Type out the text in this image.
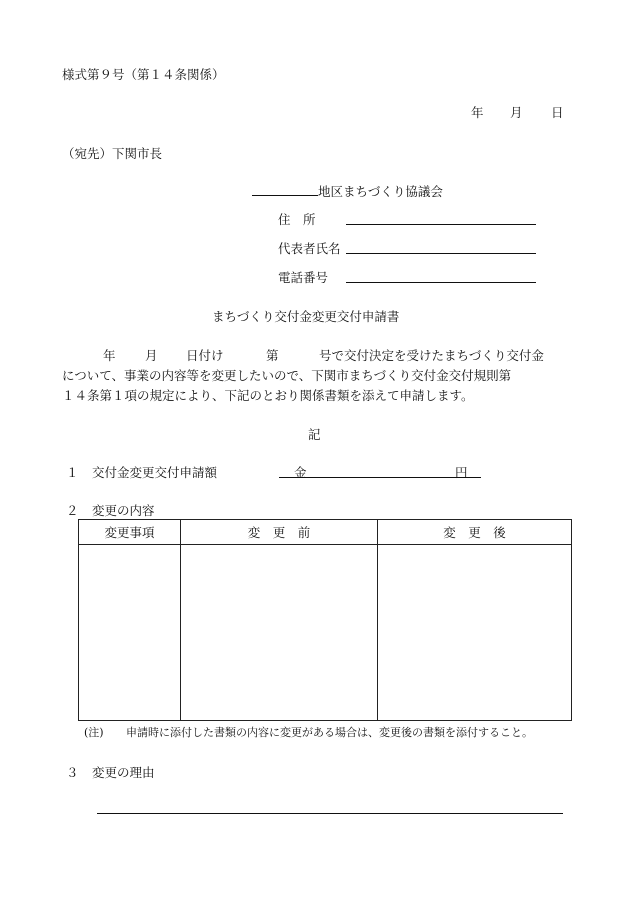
様式第９号（第１４条関係）
年 月 日
（宛先）下関市長
地区まちづくり協議会
住　所
代表者氏名
電話番号
まちづくり交付金変更交付申請書
年 月 日付け	第	号で交付決定を受けたまちづくり交付金
について、事業の内容等を変更したいので、下関市まちづくり交付金交付規則第
１４条第１項の規定により、下記のとおり関係書類を添えて申請します。
記
１ 交付金変更交付申請額	金	円
２ 変更の内容
変更事項	変　更　前	変　更　後

(注) 申請時に添付した書類の内容に変更がある場合は、変更後の書類を添付すること。
３ 変更の理由
